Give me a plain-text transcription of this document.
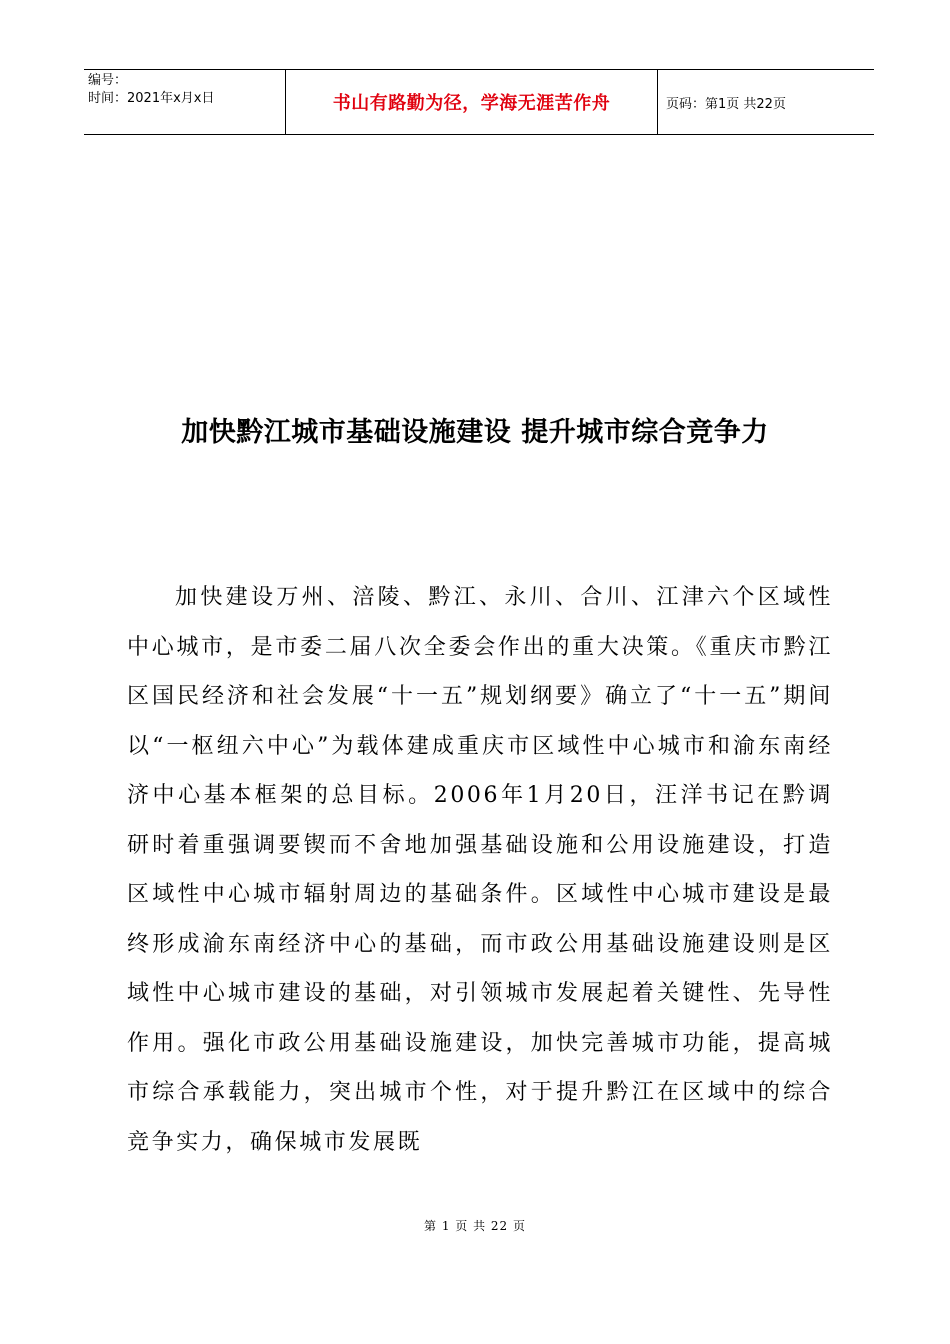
编号：
时间：2021年x月x日	书山有路勤为径，学海无涯苦作舟	页码：第1页 共22页
加快黔江城市基础设施建设 提升城市综合竞争力
加快建设万州、涪陵、黔江、永川、合川、江津六个区域性中心城市，是市委二届八次全委会作出的重大决策。《重庆市黔江区国民经济和社会发展“十一五”规划纲要》确立了“十一五”期间以“一枢纽六中心”为载体建成重庆市区域性中心城市和渝东南经济中心基本框架的总目标。2006年1月20日，汪洋书记在黔调研时着重强调要锲而不舍地加强基础设施和公用设施建设，打造区域性中心城市辐射周边的基础条件。区域性中心城市建设是最终形成渝东南经济中心的基础，而市政公用基础设施建设则是区域性中心城市建设的基础，对引领城市发展起着关键性、先导性作用。强化市政公用基础设施建设，加快完善城市功能，提高城市综合承载能力，突出城市个性，对于提升黔江在区域中的综合竞争实力，确保城市发展既
第 1 页 共 22 页
